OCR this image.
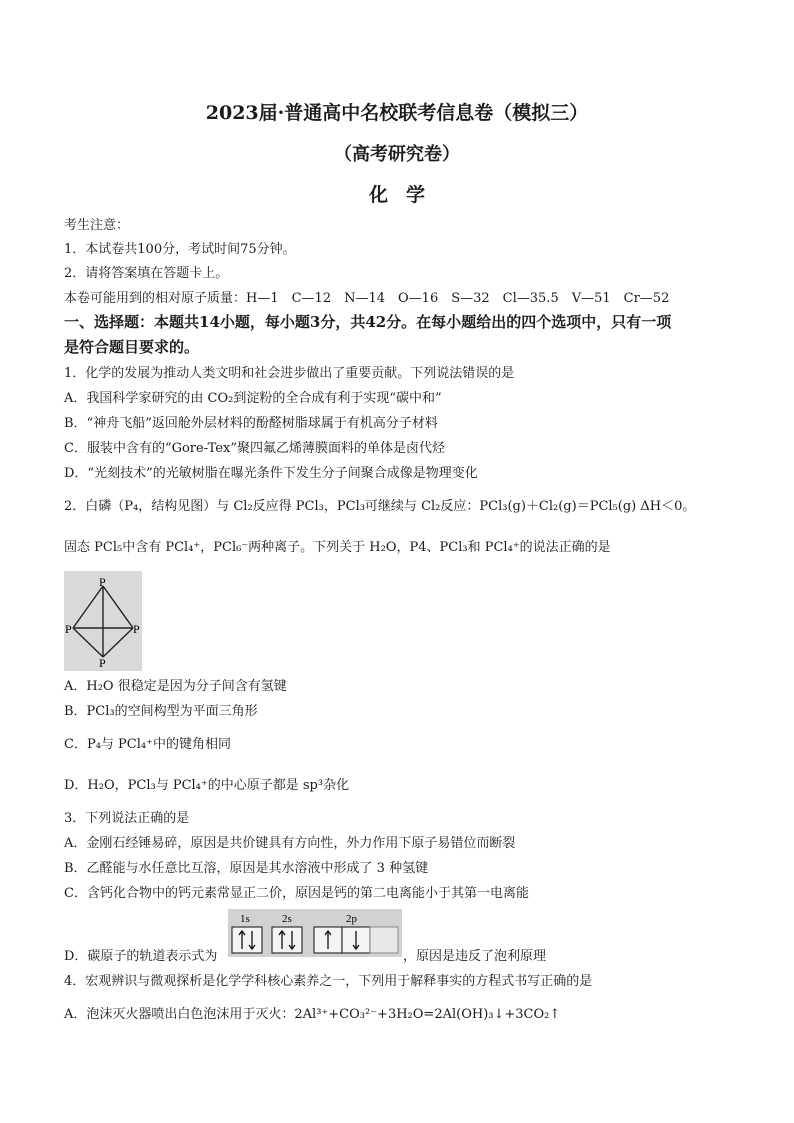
2023届·普通高中名校联考信息卷（模拟三）
（高考研究卷）
化学
考生注意：
1．本试卷共100分，考试时间75分钟。
2．请将答案填在答题卡上。
本卷可能用到的相对原子质量：H—1　C—12　N—14　O—16　S—32　Cl—35.5　V—51　Cr—52
一、选择题：本题共14小题，每小题3分，共42分。在每小题给出的四个选项中，只有一项
是符合题目要求的。
1．化学的发展为推动人类文明和社会进步做出了重要贡献。下列说法错误的是
A．我国科学家研究的由 CO₂到淀粉的全合成有利于实现“碳中和”
B．“神舟飞船”返回舱外层材料的酚醛树脂球属于有机高分子材料
C．服装中含有的“Gore-Tex”聚四氟乙烯薄膜面料的单体是卤代烃
D．“光刻技术”的光敏树脂在曝光条件下发生分子间聚合成像是物理变化
2．白磷（P₄，结构见图）与 Cl₂反应得 PCl₃，PCl₃可继续与 Cl₂反应：PCl₃(g)＋Cl₂(g)＝PCl₅(g) ΔH＜0。
固态 PCl₅中含有 PCl₄⁺，PCl₆⁻两种离子。下列关于 H₂O，P4、PCl₃和 PCl₄⁺的说法正确的是
P
P	P
P
A．H₂O 很稳定是因为分子间含有氢键
B．PCl₃的空间构型为平面三角形
C．P₄与 PCl₄⁺中的键角相同
D．H₂O，PCl₃与 PCl₄⁺的中心原子都是 sp³杂化
3．下列说法正确的是
A．金刚石经锤易碎，原因是共价键具有方向性，外力作用下原子易错位而断裂
B．乙醛能与水任意比互溶，原因是其水溶液中形成了 3 种氢键
C．含钙化合物中的钙元素常显正二价，原因是钙的第二电离能小于其第一电离能
D．碳原子的轨道表示式为
1s	2s	2p
，原因是违反了泡利原理
4．宏观辨识与微观探析是化学学科核心素养之一，下列用于解释事实的方程式书写正确的是
A．泡沫灭火器喷出白色泡沫用于灭火：2Al³⁺+CO₃²⁻+3H₂O=2Al(OH)₃↓+3CO₂↑
